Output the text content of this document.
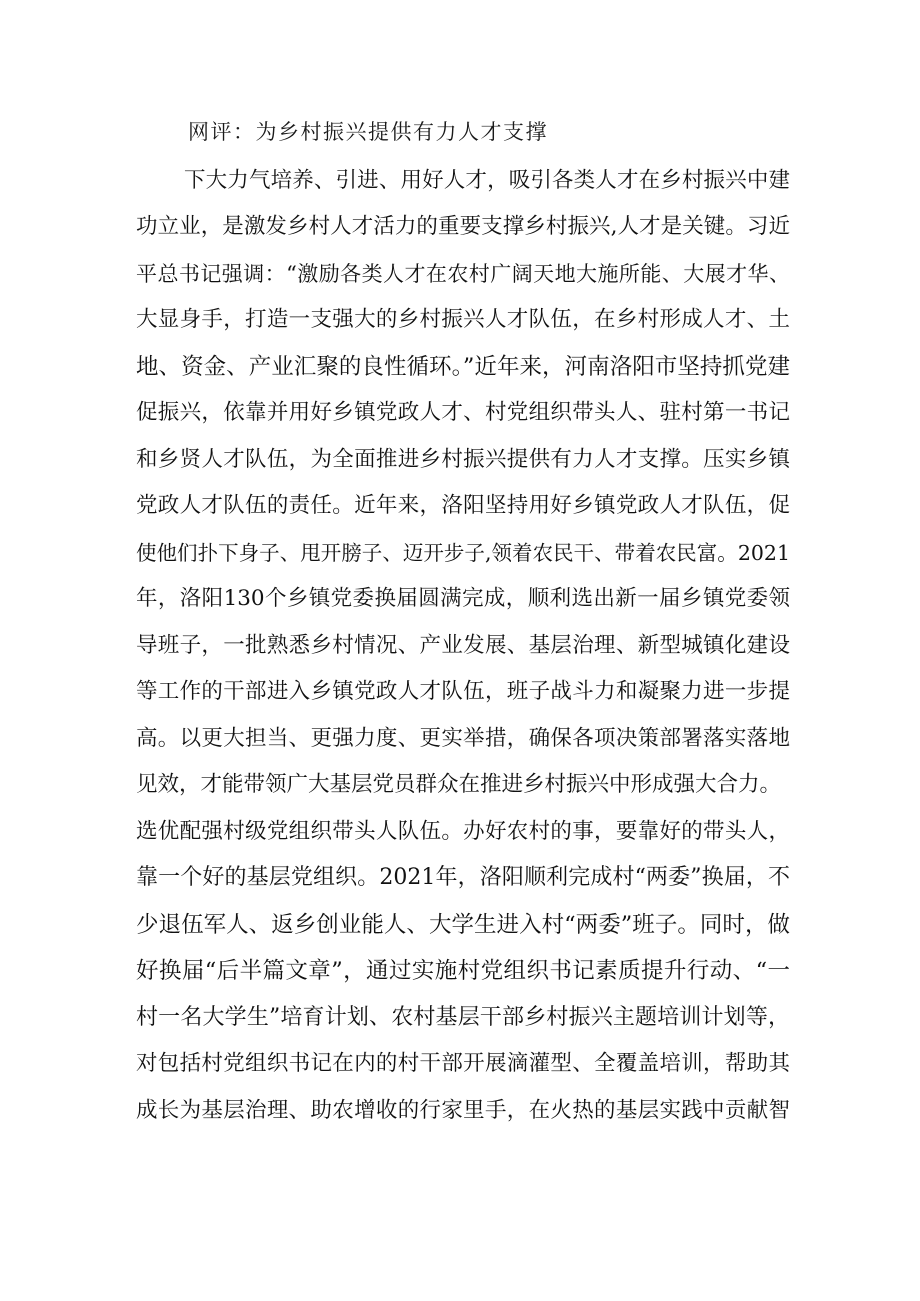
网评：为乡村振兴提供有力人才支撑
下大力气培养、引进、用好人才，吸引各类人才在乡村振兴中建
功立业，是激发乡村人才活力的重要支撑乡村振兴,人才是关键。习近
平总书记强调：“激励各类人才在农村广阔天地大施所能、大展才华、
大显身手，打造一支强大的乡村振兴人才队伍，在乡村形成人才、土
地、资金、产业汇聚的良性循环。”近年来，河南洛阳市坚持抓党建
促振兴，依靠并用好乡镇党政人才、村党组织带头人、驻村第一书记
和乡贤人才队伍，为全面推进乡村振兴提供有力人才支撑。压实乡镇
党政人才队伍的责任。近年来，洛阳坚持用好乡镇党政人才队伍，促
使他们扑下身子、甩开膀子、迈开步子,领着农民干、带着农民富。2021
年，洛阳130个乡镇党委换届圆满完成，顺利选出新一届乡镇党委领
导班子，一批熟悉乡村情况、产业发展、基层治理、新型城镇化建设
等工作的干部进入乡镇党政人才队伍，班子战斗力和凝聚力进一步提
高。以更大担当、更强力度、更实举措，确保各项决策部署落实落地
见效，才能带领广大基层党员群众在推进乡村振兴中形成强大合力。
选优配强村级党组织带头人队伍。办好农村的事，要靠好的带头人，
靠一个好的基层党组织。2021年，洛阳顺利完成村“两委”换届，不
少退伍军人、返乡创业能人、大学生进入村“两委”班子。同时，做
好换届“后半篇文章”，通过实施村党组织书记素质提升行动、“一
村一名大学生”培育计划、农村基层干部乡村振兴主题培训计划等，
对包括村党组织书记在内的村干部开展滴灌型、全覆盖培训，帮助其
成长为基层治理、助农增收的行家里手，在火热的基层实践中贡献智
